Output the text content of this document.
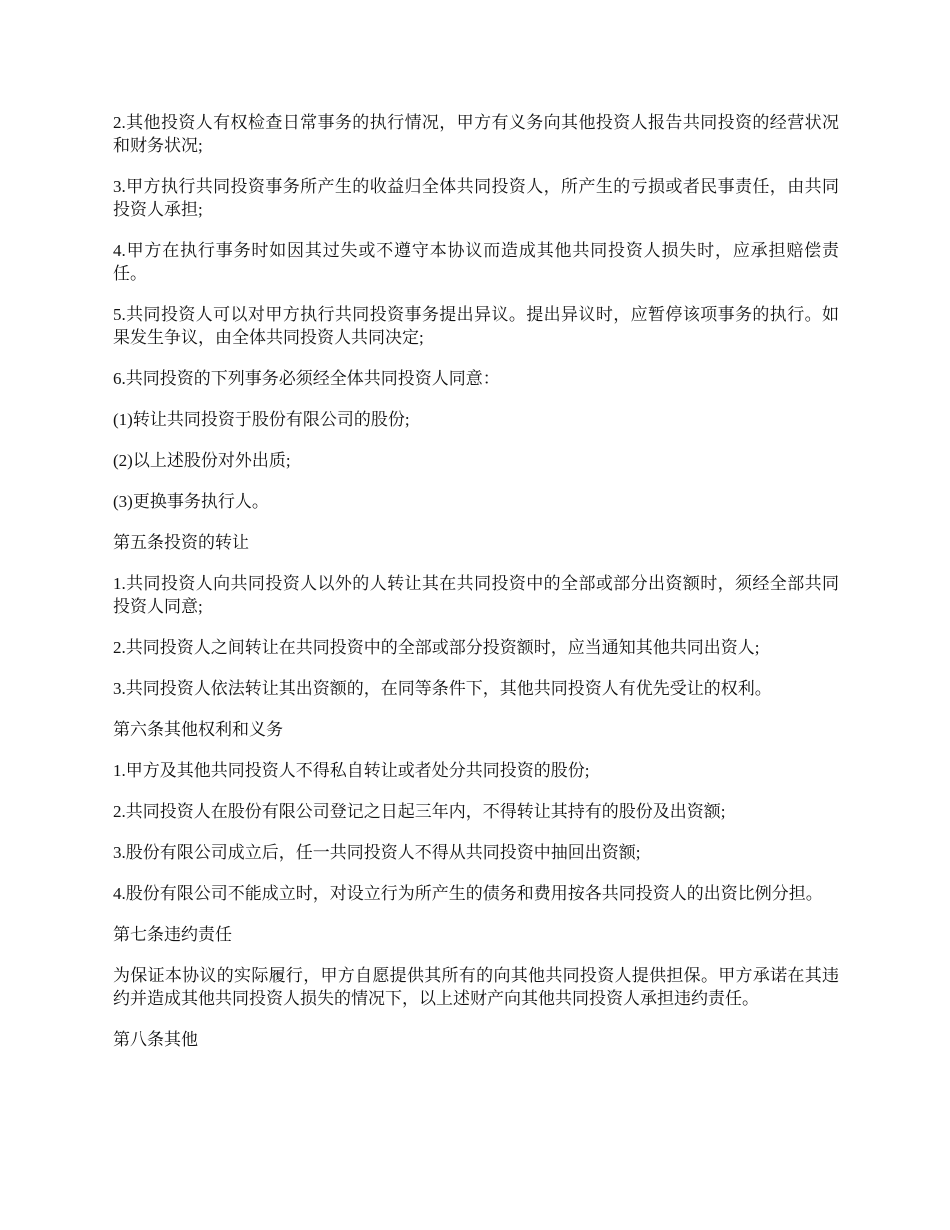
2.其他投资人有权检查日常事务的执行情况，甲方有义务向其他投资人报告共同投资的经营状况和财务状况;

3.甲方执行共同投资事务所产生的收益归全体共同投资人，所产生的亏损或者民事责任，由共同投资人承担;

4.甲方在执行事务时如因其过失或不遵守本协议而造成其他共同投资人损失时，应承担赔偿责任。

5.共同投资人可以对甲方执行共同投资事务提出异议。提出异议时，应暂停该项事务的执行。如果发生争议，由全体共同投资人共同决定;

6.共同投资的下列事务必须经全体共同投资人同意：

(1)转让共同投资于股份有限公司的股份;

(2)以上述股份对外出质;

(3)更换事务执行人。

第五条投资的转让

1.共同投资人向共同投资人以外的人转让其在共同投资中的全部或部分出资额时，须经全部共同投资人同意;

2.共同投资人之间转让在共同投资中的全部或部分投资额时，应当通知其他共同出资人;

3.共同投资人依法转让其出资额的，在同等条件下，其他共同投资人有优先受让的权利。

第六条其他权利和义务

1.甲方及其他共同投资人不得私自转让或者处分共同投资的股份;

2.共同投资人在股份有限公司登记之日起三年内，不得转让其持有的股份及出资额;

3.股份有限公司成立后，任一共同投资人不得从共同投资中抽回出资额;

4.股份有限公司不能成立时，对设立行为所产生的债务和费用按各共同投资人的出资比例分担。

第七条违约责任

为保证本协议的实际履行，甲方自愿提供其所有的向其他共同投资人提供担保。甲方承诺在其违约并造成其他共同投资人损失的情况下，以上述财产向其他共同投资人承担违约责任。

第八条其他
